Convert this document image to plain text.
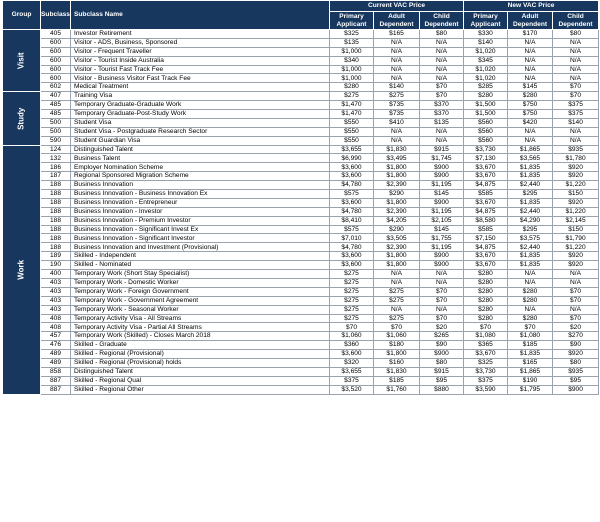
Group	Subclass	Subclass Name	Current VAC Price			New VAC Price		
			Primary Applicant	Adult Dependent	Child Dependent	Primary Applicant	Adult Dependent	Child Dependent

Visit	405	Investor Retirement	$325	$165	$80	$330	$170	$80
	600	Visitor - ADS, Business, Sponsored	$135	N/A	N/A	$140	N/A	N/A
	600	Visitor - Frequent Traveller	$1,000	N/A	N/A	$1,020	N/A	N/A
	600	Visitor - Tourist Inside Australia	$340	N/A	N/A	$345	N/A	N/A
	600	Visitor - Tourist Fast Track Fee	$1,000	N/A	N/A	$1,020	N/A	N/A
	600	Visitor - Business Visitor Fast Track Fee	$1,000	N/A	N/A	$1,020	N/A	N/A
	602	Medical Treatment	$280	$140	$70	$285	$145	$70

Study	407	Training Visa	$275	$275	$70	$280	$280	$70
	485	Temporary Graduate-Graduate Work	$1,470	$735	$370	$1,500	$750	$375
	485	Temporary Graduate-Post-Study Work	$1,470	$735	$370	$1,500	$750	$375
	500	Student Visa	$550	$410	$135	$560	$420	$140
	500	Student Visa - Postgraduate Research Sector	$550	N/A	N/A	$560	N/A	N/A
	590	Student Guardian Visa	$550	N/A	N/A	$560	N/A	N/A

Work	124	Distinguished Talent	$3,655	$1,830	$915	$3,730	$1,865	$935
	132	Business Talent	$6,990	$3,495	$1,745	$7,130	$3,565	$1,780
	186	Employer Nomination Scheme	$3,600	$1,800	$900	$3,670	$1,835	$920
	187	Regional Sponsored Migration Scheme	$3,600	$1,800	$900	$3,670	$1,835	$920
	188	Business Innovation	$4,780	$2,390	$1,195	$4,875	$2,440	$1,220
	188	Business Innovation - Business Innovation Ex	$575	$290	$145	$585	$295	$150
	188	Business Innovation - Entrepreneur	$3,600	$1,800	$900	$3,670	$1,835	$920
	188	Business Innovation - Investor	$4,780	$2,390	$1,195	$4,875	$2,440	$1,220
	188	Business Innovation - Premium Investor	$8,410	$4,205	$2,105	$8,580	$4,290	$2,145
	188	Business Innovation - Significant Invest Ex	$575	$290	$145	$585	$295	$150
	188	Business Innovation - Significant Investor	$7,010	$3,505	$1,755	$7,150	$3,575	$1,790
	188	Business Innovation and Investment (Provisional)	$4,780	$2,390	$1,195	$4,875	$2,440	$1,220
	189	Skilled - Independent	$3,600	$1,800	$900	$3,670	$1,835	$920
	190	Skilled - Nominated	$3,600	$1,800	$900	$3,670	$1,835	$920
	400	Temporary Work (Short Stay Specialist)	$275	N/A	N/A	$280	N/A	N/A
	403	Temporary Work - Domestic Worker	$275	N/A	N/A	$280	N/A	N/A
	403	Temporary Work - Foreign Government	$275	$275	$70	$280	$280	$70
	403	Temporary Work - Government Agreement	$275	$275	$70	$280	$280	$70
	403	Temporary Work - Seasonal Worker	$275	N/A	N/A	$280	N/A	N/A
	408	Temporary Activity Visa - All Streams	$275	$275	$70	$280	$280	$70
	408	Temporary Activity Visa - Partial All Streams	$70	$70	$20	$70	$70	$20
	457	Temporary Work (Skilled) - Closes March 2018	$1,060	$1,060	$265	$1,080	$1,080	$270
	476	Skilled - Graduate	$360	$180	$90	$365	$185	$90
	489	Skilled - Regional (Provisional)	$3,600	$1,800	$900	$3,670	$1,835	$920
	489	Skilled - Regional (Provisional) holds	$320	$160	$80	$325	$165	$80
	858	Distinguished Talent	$3,655	$1,830	$915	$3,730	$1,865	$935
	887	Skilled - Regional Qual	$375	$185	$95	$375	$190	$95
	887	Skilled - Regional Other	$3,520	$1,760	$880	$3,590	$1,795	$900
